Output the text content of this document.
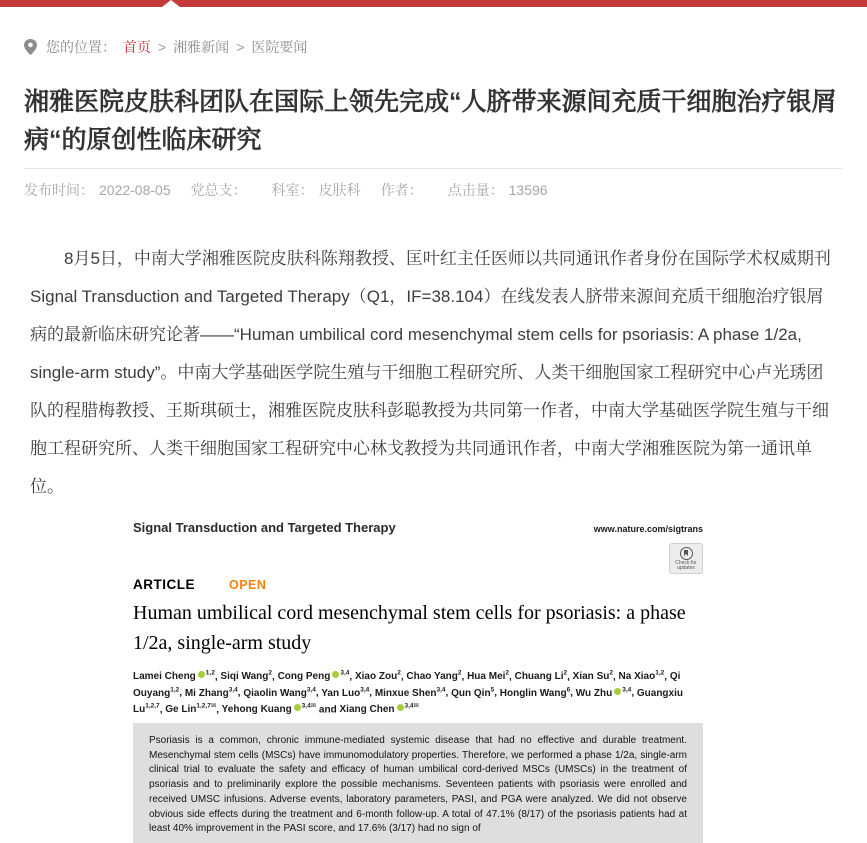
您的位置： 首页 > 湘雅新闻 > 医院要闻
湘雅医院皮肤科团队在国际上领先完成“人脐带来源间充质干细胞治疗银屑病“的原创性临床研究
发布时间： 2022-08-05 党总支：	科室： 皮肤科 作者：	点击量： 13596

8月5日，中南大学湘雅医院皮肤科陈翔教授、匡叶红主任医师以共同通讯作者身份在国际学术权威期刊Signal Transduction and Targeted Therapy（Q1，IF=38.104）在线发表人脐带来源间充质干细胞治疗银屑病的最新临床研究论著——“Human umbilical cord mesenchymal stem cells for psoriasis: A phase 1/2a, single-arm study”。中南大学基础医学院生殖与干细胞工程研究所、人类干细胞国家工程研究中心卢光琇团队的程腊梅教授、王斯琪硕士，湘雅医院皮肤科彭聪教授为共同第一作者，中南大学基础医学院生殖与干细胞工程研究所、人类干细胞国家工程研究中心林戈教授为共同通讯作者，中南大学湘雅医院为第一通讯单位。

Signal Transduction and Targeted Therapy	www.nature.com/sigtrans
Check for updates
ARTICLE	OPEN
Human umbilical cord mesenchymal stem cells for psoriasis: a phase 1/2a, single-arm study
Lamei Cheng $^{1,2}$, Siqi Wang$^2$, Cong Peng $^{3,4}$, Xiao Zou$^2$, Chao Yang$^2$, Hua Mei$^2$, Chuang Li$^2$, Xian Su$^2$, Na Xiao$^{1,2}$, Qi Ouyang$^{1,2}$, Mi Zhang$^{3,4}$, Qiaolin Wang$^{3,4}$, Yan Luo$^{3,4}$, Minxue Shen$^{3,4}$, Qun Qin$^5$, Honglin Wang$^6$, Wu Zhu $^{3,4}$, Guangxiu Lu$^{1,2,7}$, Ge Lin$^{1,2,7✉}$, Yehong Kuang $^{3,4✉}$ and Xiang Chen $^{3,4✉}$
Psoriasis is a common, chronic immune-mediated systemic disease that had no effective and durable treatment. Mesenchymal stem cells (MSCs) have immunomodulatory properties. Therefore, we performed a phase 1/2a, single-arm clinical trial to evaluate the safety and efficacy of human umbilical cord-derived MSCs (UMSCs) in the treatment of psoriasis and to preliminarily explore the possible mechanisms. Seventeen patients with psoriasis were enrolled and received UMSC infusions. Adverse events, laboratory parameters, PASI, and PGA were analyzed. We did not observe obvious side effects during the treatment and 6-month follow-up. A total of 47.1% (8/17) of the psoriasis patients had at least 40% improvement in the PASI score, and 17.6% (3/17) had no sign of
